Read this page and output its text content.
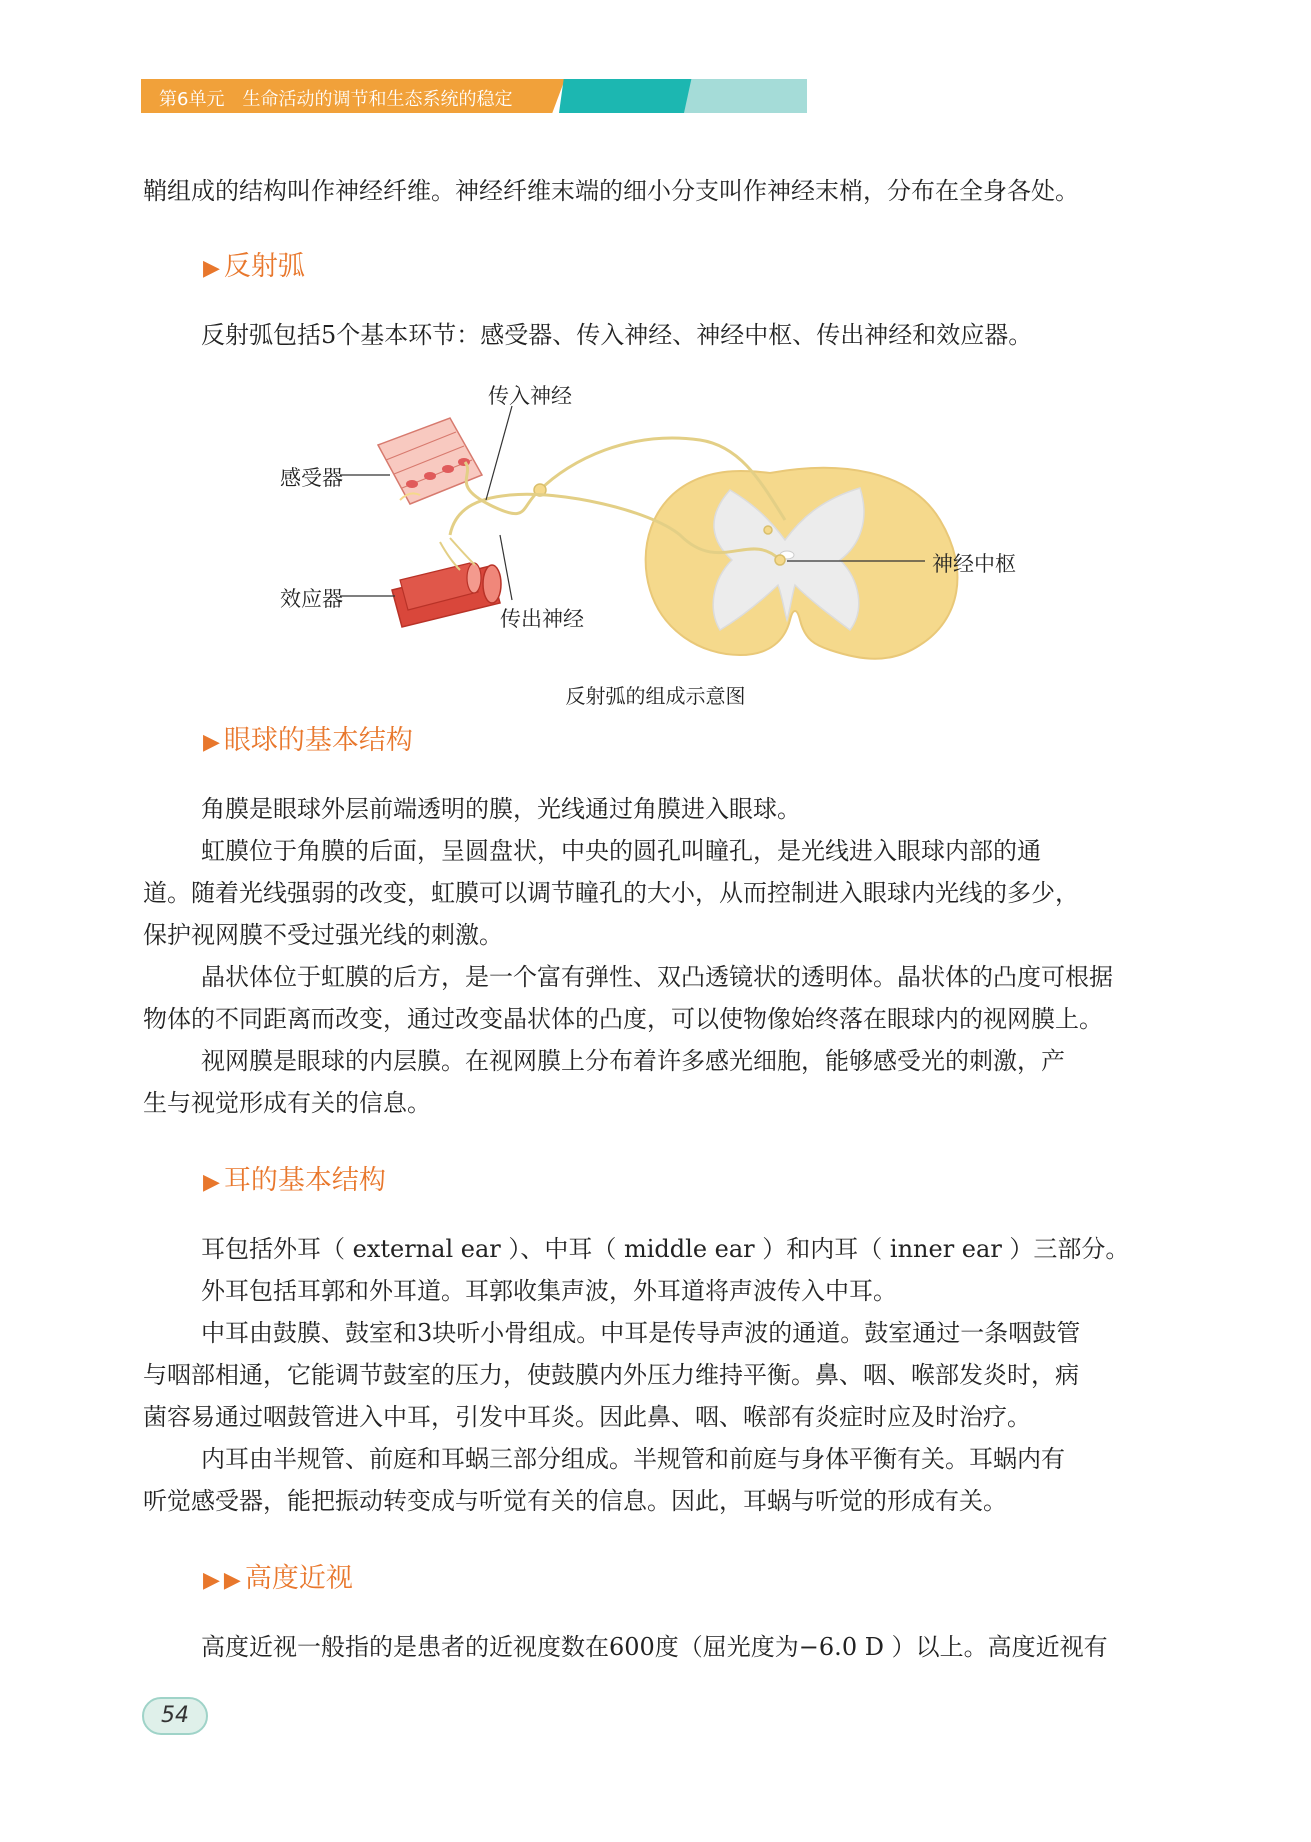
第6单元　生命活动的调节和生态系统的稳定
鞘组成的结构叫作神经纤维。神经纤维末端的细小分支叫作神经末梢，分布在全身各处。
▶ 反射弧
反射弧包括5个基本环节：感受器、传入神经、神经中枢、传出神经和效应器。
传入神经
感受器
神经中枢
效应器
传出神经
反射弧的组成示意图
▶ 眼球的基本结构
角膜是眼球外层前端透明的膜，光线通过角膜进入眼球。
虹膜位于角膜的后面，呈圆盘状，中央的圆孔叫瞳孔，是光线进入眼球内部的通
道。随着光线强弱的改变，虹膜可以调节瞳孔的大小，从而控制进入眼球内光线的多少，
保护视网膜不受过强光线的刺激。
晶状体位于虹膜的后方，是一个富有弹性、双凸透镜状的透明体。晶状体的凸度可根据
物体的不同距离而改变，通过改变晶状体的凸度，可以使物像始终落在眼球内的视网膜上。
视网膜是眼球的内层膜。在视网膜上分布着许多感光细胞，能够感受光的刺激，产
生与视觉形成有关的信息。
▶ 耳的基本结构
耳包括外耳（ external ear ）、中耳（ middle ear ）和内耳（ inner ear ）三部分。
外耳包括耳郭和外耳道。耳郭收集声波，外耳道将声波传入中耳。
中耳由鼓膜、鼓室和3块听小骨组成。中耳是传导声波的通道。鼓室通过一条咽鼓管
与咽部相通，它能调节鼓室的压力，使鼓膜内外压力维持平衡。鼻、咽、喉部发炎时，病
菌容易通过咽鼓管进入中耳，引发中耳炎。因此鼻、咽、喉部有炎症时应及时治疗。
内耳由半规管、前庭和耳蜗三部分组成。半规管和前庭与身体平衡有关。耳蜗内有
听觉感受器，能把振动转变成与听觉有关的信息。因此，耳蜗与听觉的形成有关。
▶ ▶ 高度近视
高度近视一般指的是患者的近视度数在600度（屈光度为−6.0 D ）以上。高度近视有
54
